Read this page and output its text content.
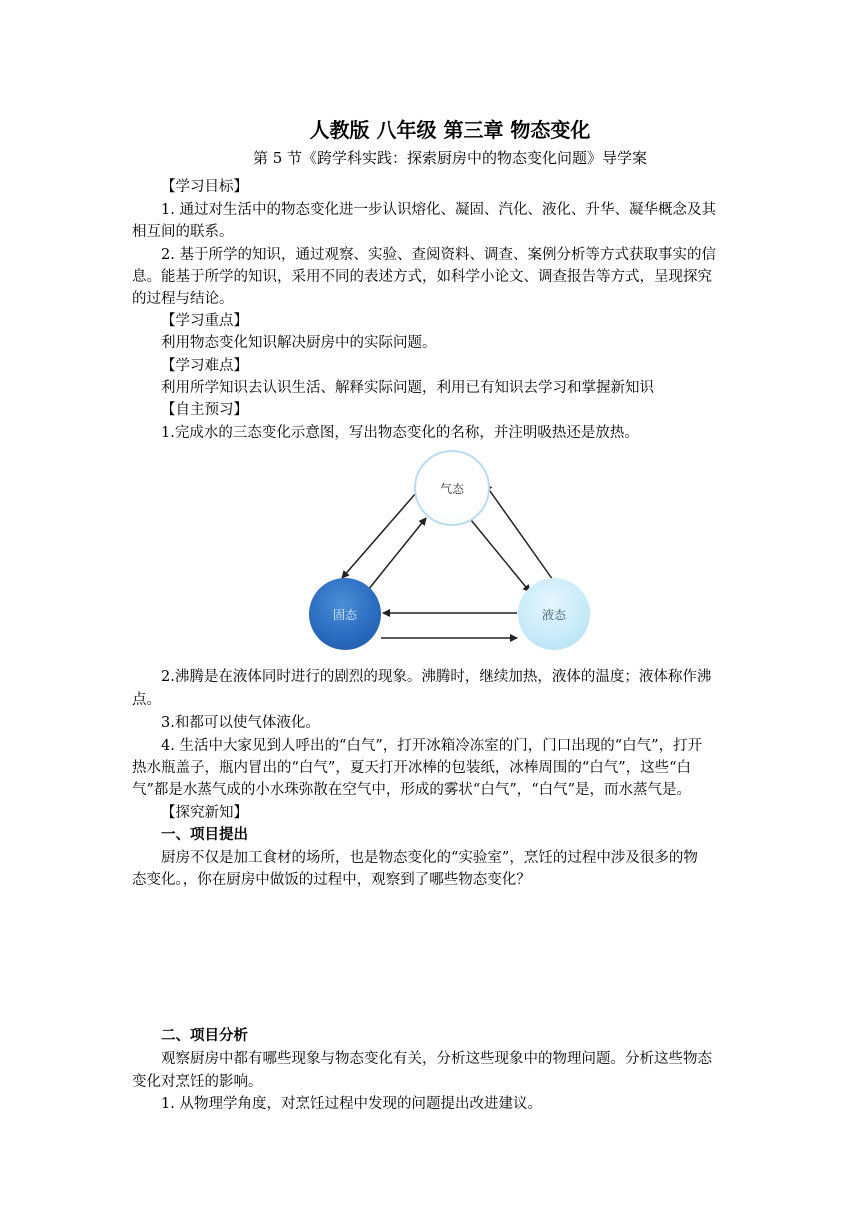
人教版 八年级 第三章 物态变化
第 5 节《跨学科实践：探索厨房中的物态变化问题》导学案
【学习目标】
1. 通过对生活中的物态变化进一步认识熔化、凝固、汽化、液化、升华、凝华概念及其
相互间的联系。
2. 基于所学的知识，通过观察、实验、查阅资料、调查、案例分析等方式获取事实的信
息。能基于所学的知识，采用不同的表述方式，如科学小论文、调查报告等方式，呈现探究
的过程与结论。
【学习重点】
利用物态变化知识解决厨房中的实际问题。
【学习难点】
利用所学知识去认识生活、解释实际问题，利用已有知识去学习和掌握新知识
【自主预习】
1.完成水的三态变化示意图，写出物态变化的名称，并注明吸热还是放热。
气态
固态	液态
2.沸腾是在液体同时进行的剧烈的现象。沸腾时，继续加热，液体的温度；液体称作沸
点。
3.和都可以使气体液化。
4. 生活中大家见到人呼出的“白气”，打开冰箱冷冻室的门，门口出现的“白气”，打开
热水瓶盖子，瓶内冒出的“白气”，夏天打开冰棒的包装纸，冰棒周围的“白气”，这些“白
气”都是水蒸气成的小水珠弥散在空气中，形成的雾状“白气”，“白气”是，而水蒸气是。
【探究新知】
一、项目提出
厨房不仅是加工食材的场所，也是物态变化的“实验室”，烹饪的过程中涉及很多的物
态变化。，你在厨房中做饭的过程中，观察到了哪些物态变化？
二、项目分析
观察厨房中都有哪些现象与物态变化有关，分析这些现象中的物理问题。分析这些物态
变化对烹饪的影响。
1. 从物理学角度，对烹饪过程中发现的问题提出改进建议。
